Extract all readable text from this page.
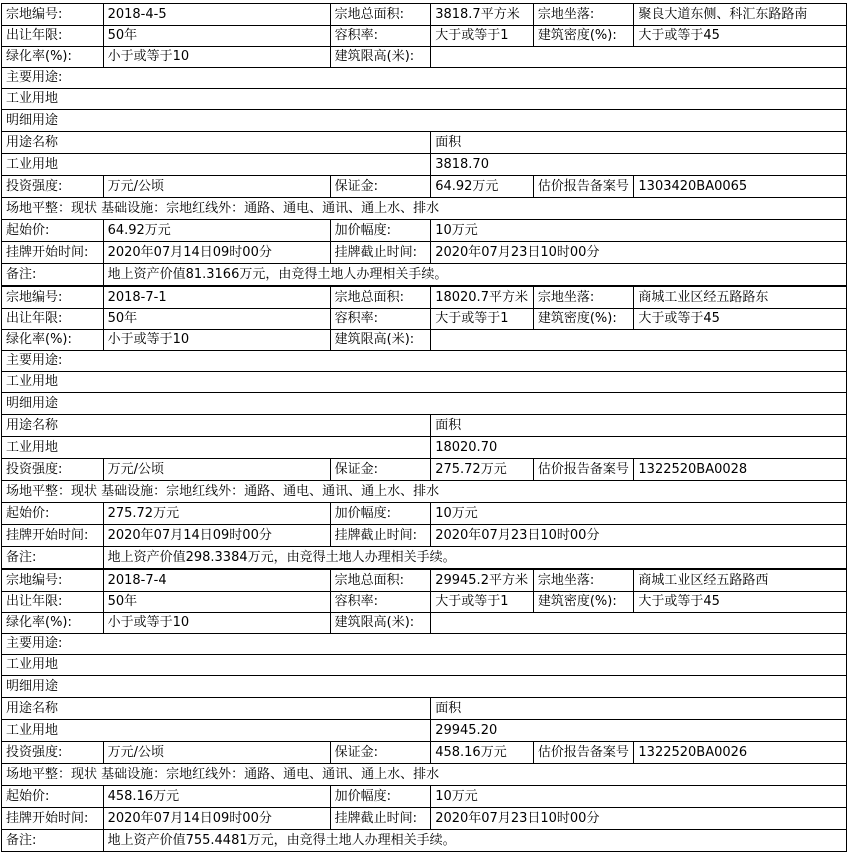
宗地编号:	2018-4-5	宗地总面积:	3818.7平方米	宗地坐落:	聚良大道东侧、科汇东路路南
出让年限:	50年	容积率:	大于或等于1	建筑密度(%):	大于或等于45
绿化率(%):	小于或等于10	建筑限高(米):			
主要用途:					
工业用地					
明细用途					
用途名称			面积		
工业用地			3818.70		
投资强度:	万元/公顷	保证金:	64.92万元	估价报告备案号	1303420BA0065
场地平整：现状 基础设施：宗地红线外：通路、通电、通讯、通上水、排水					
起始价:	64.92万元	加价幅度:	10万元		
挂牌开始时间:	2020年07月14日09时00分	挂牌截止时间:	2020年07月23日10时00分		
备注:	地上资产价值81.3166万元，由竞得土地人办理相关手续。				
宗地编号:	2018-7-1	宗地总面积:	18020.7平方米	宗地坐落:	商城工业区经五路路东
出让年限:	50年	容积率:	大于或等于1	建筑密度(%):	大于或等于45
绿化率(%):	小于或等于10	建筑限高(米):			
主要用途:					
工业用地					
明细用途					
用途名称			面积		
工业用地			18020.70		
投资强度:	万元/公顷	保证金:	275.72万元	估价报告备案号	1322520BA0028
场地平整：现状 基础设施：宗地红线外：通路、通电、通讯、通上水、排水					
起始价:	275.72万元	加价幅度:	10万元		
挂牌开始时间:	2020年07月14日09时00分	挂牌截止时间:	2020年07月23日10时00分		
备注:	地上资产价值298.3384万元，由竞得土地人办理相关手续。				
宗地编号:	2018-7-4	宗地总面积:	29945.2平方米	宗地坐落:	商城工业区经五路路西
出让年限:	50年	容积率:	大于或等于1	建筑密度(%):	大于或等于45
绿化率(%):	小于或等于10	建筑限高(米):			
主要用途:					
工业用地					
明细用途					
用途名称			面积		
工业用地			29945.20		
投资强度:	万元/公顷	保证金:	458.16万元	估价报告备案号	1322520BA0026
场地平整：现状 基础设施：宗地红线外：通路、通电、通讯、通上水、排水					
起始价:	458.16万元	加价幅度:	10万元		
挂牌开始时间:	2020年07月14日09时00分	挂牌截止时间:	2020年07月23日10时00分		
备注:	地上资产价值755.4481万元，由竞得土地人办理相关手续。				
